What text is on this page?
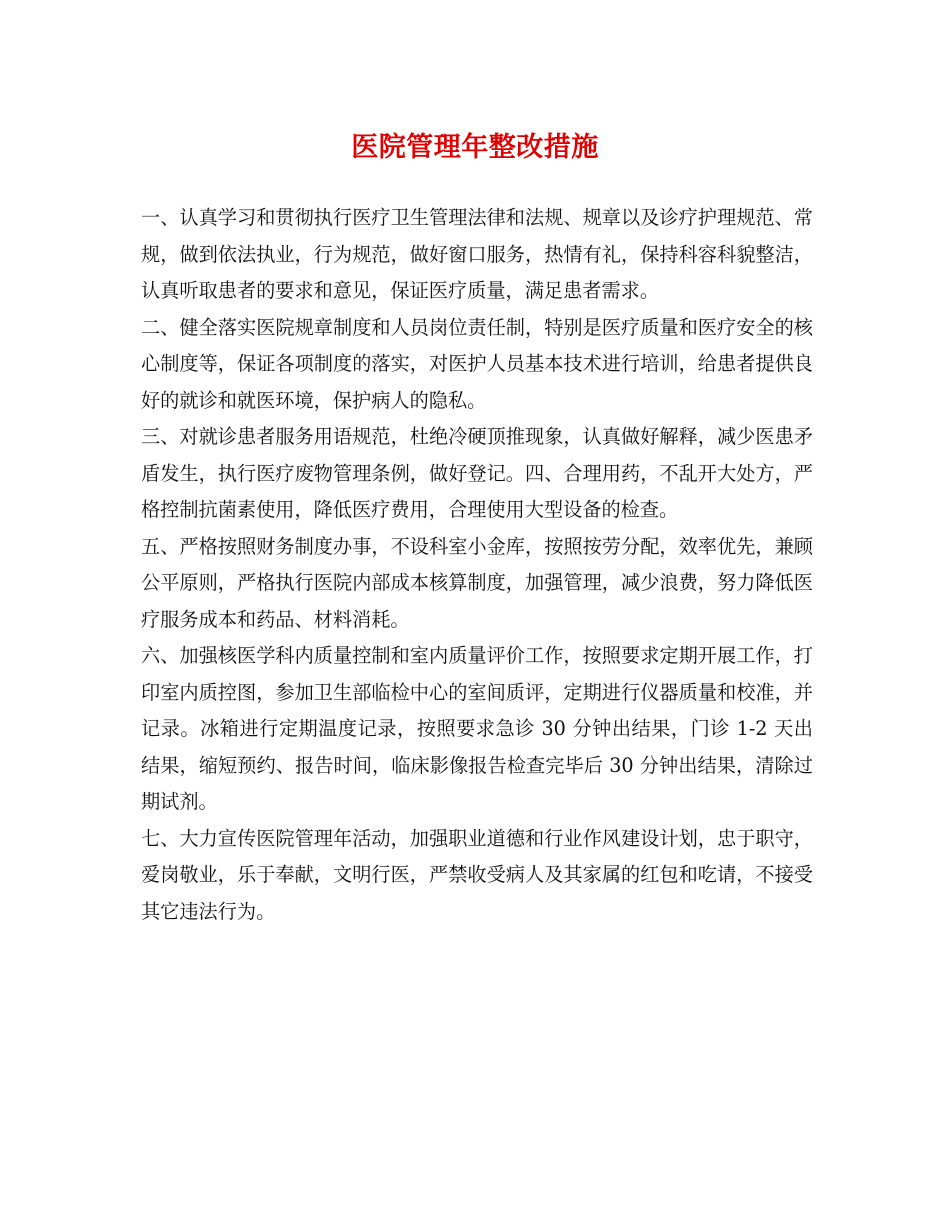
医院管理年整改措施

一、认真学习和贯彻执行医疗卫生管理法律和法规、规章以及诊疗护理规范、常规，做到依法执业，行为规范，做好窗口服务，热情有礼，保持科容科貌整洁，认真听取患者的要求和意见，保证医疗质量，满足患者需求。

二、健全落实医院规章制度和人员岗位责任制，特别是医疗质量和医疗安全的核心制度等，保证各项制度的落实，对医护人员基本技术进行培训，给患者提供良好的就诊和就医环境，保护病人的隐私。

三、对就诊患者服务用语规范，杜绝冷硬顶推现象，认真做好解释，减少医患矛盾发生，执行医疗废物管理条例，做好登记。四、合理用药，不乱开大处方，严格控制抗菌素使用，降低医疗费用，合理使用大型设备的检查。

五、严格按照财务制度办事，不设科室小金库，按照按劳分配，效率优先，兼顾公平原则，严格执行医院内部成本核算制度，加强管理，减少浪费，努力降低医疗服务成本和药品、材料消耗。

六、加强核医学科内质量控制和室内质量评价工作，按照要求定期开展工作，打印室内质控图，参加卫生部临检中心的室间质评，定期进行仪器质量和校准，并记录。冰箱进行定期温度记录，按照要求急诊 30 分钟出结果，门诊 1-2 天出结果，缩短预约、报告时间，临床影像报告检查完毕后 30 分钟出结果，清除过期试剂。

七、大力宣传医院管理年活动，加强职业道德和行业作风建设计划，忠于职守，爱岗敬业，乐于奉献，文明行医，严禁收受病人及其家属的红包和吃请，不接受其它违法行为。
